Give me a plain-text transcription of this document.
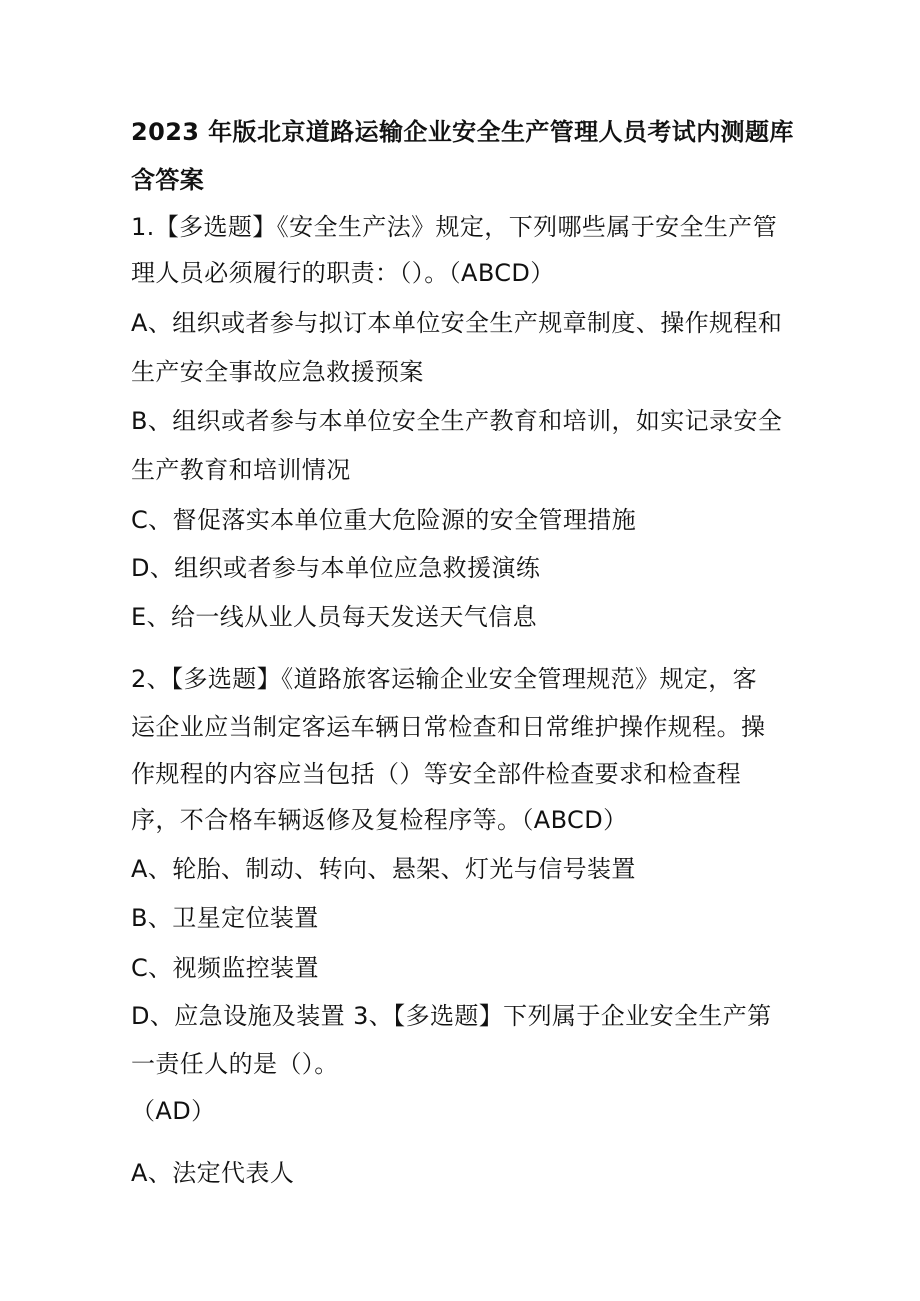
2023 年版北京道路运输企业安全生产管理人员考试内测题库
含答案
1.【多选题】《安全生产法》规定，下列哪些属于安全生产管
理人员必须履行的职责：（）。（ABCD）
A、组织或者参与拟订本单位安全生产规章制度、操作规程和
生产安全事故应急救援预案
B、组织或者参与本单位安全生产教育和培训，如实记录安全
生产教育和培训情况
C、督促落实本单位重大危险源的安全管理措施
D、组织或者参与本单位应急救援演练
E、给一线从业人员每天发送天气信息
2、【多选题】《道路旅客运输企业安全管理规范》规定，客
运企业应当制定客运车辆日常检查和日常维护操作规程。操
作规程的内容应当包括（）等安全部件检查要求和检查程
序，不合格车辆返修及复检程序等。（ABCD）
A、轮胎、制动、转向、悬架、灯光与信号装置
B、卫星定位装置
C、视频监控装置
D、应急设施及装置 3、【多选题】下列属于企业安全生产第
一责任人的是（）。
（AD）
A、法定代表人
